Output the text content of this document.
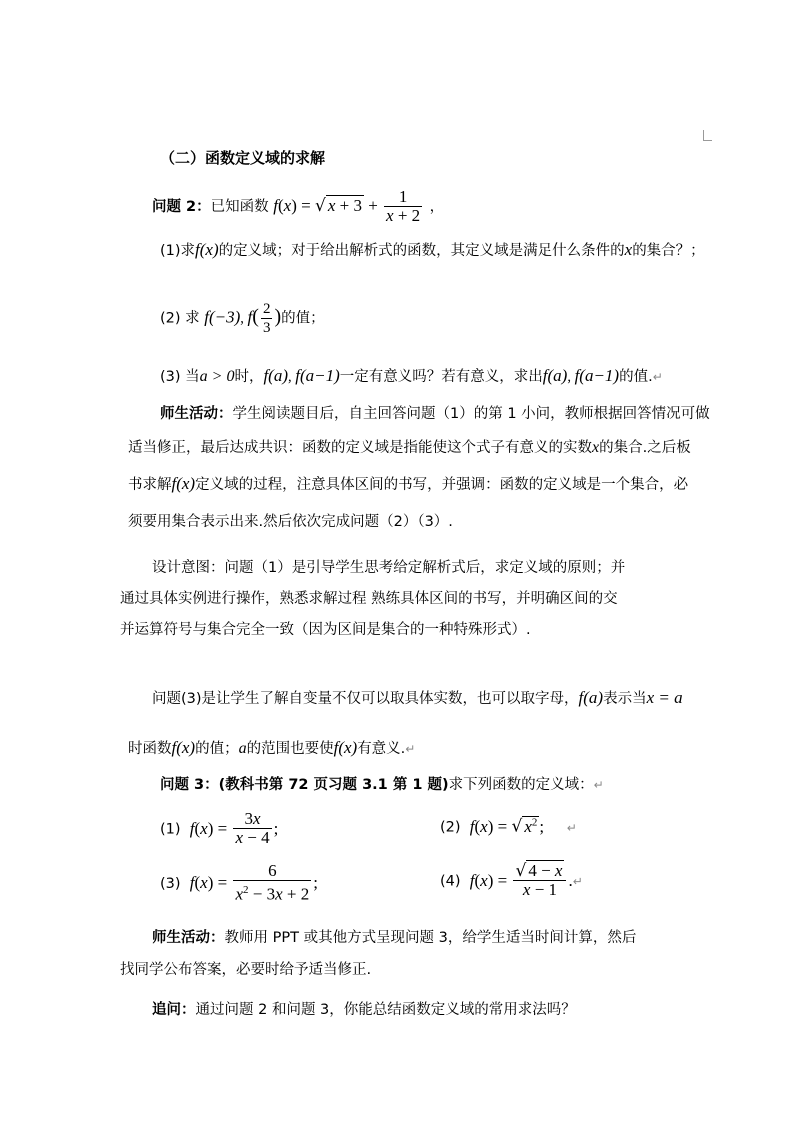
（二）函数定义域的求解
问题 2：已知函数 f(x) = √ $x + 3 + \frac{1}{x + 2}$ ，
(1)求f(x)的定义域；对于给出解析式的函数，其定义域是满足什么条件的x的集合？；
(2) 求 f(−3), $f( \frac{2}{3}$ )的值；
(3) 当a > 0时，f(a), f(a−1)一定有意义吗？若有意义，求出f(a), f(a−1)的值.↵
师生活动：学生阅读题目后，自主回答问题（1）的第 1 小问，教师根据回答情况可做
适当修正，最后达成共识：函数的定义域是指能使这个式子有意义的实数x的集合.之后板
书求解f(x)定义域的过程，注意具体区间的书写，并强调：函数的定义域是一个集合，必
须要用集合表示出来.然后依次完成问题（2）（3）.
设计意图：问题（1）是引导学生思考给定解析式后，求定义域的原则；并
通过具体实例进行操作，熟悉求解过程 熟练具体区间的书写，并明确区间的交
并运算符号与集合完全一致（因为区间是集合的一种特殊形式）.
问题(3)是让学生了解自变量不仅可以取具体实数，也可以取字母，f(a)表示当x = a
时函数f(x)的值；a的范围也要使f(x)有意义.↵
问题 3：(教科书第 72 页习题 3.1 第 1 题)求下列函数的定义域：↵
(1) $f(x) = \frac{3x}{x - 4}$ ;	(2) f(x) = √ $x^2$ ; ↵
(3) $f(x) = \frac{6}{x^2 - 3x + 2}$ ;	(4) $f(x) = \frac{√ 4 - x}{x - 1}$ .↵
师生活动：教师用 PPT 或其他方式呈现问题 3，给学生适当时间计算，然后
找同学公布答案，必要时给予适当修正.
追问：通过问题 2 和问题 3，你能总结函数定义域的常用求法吗？
